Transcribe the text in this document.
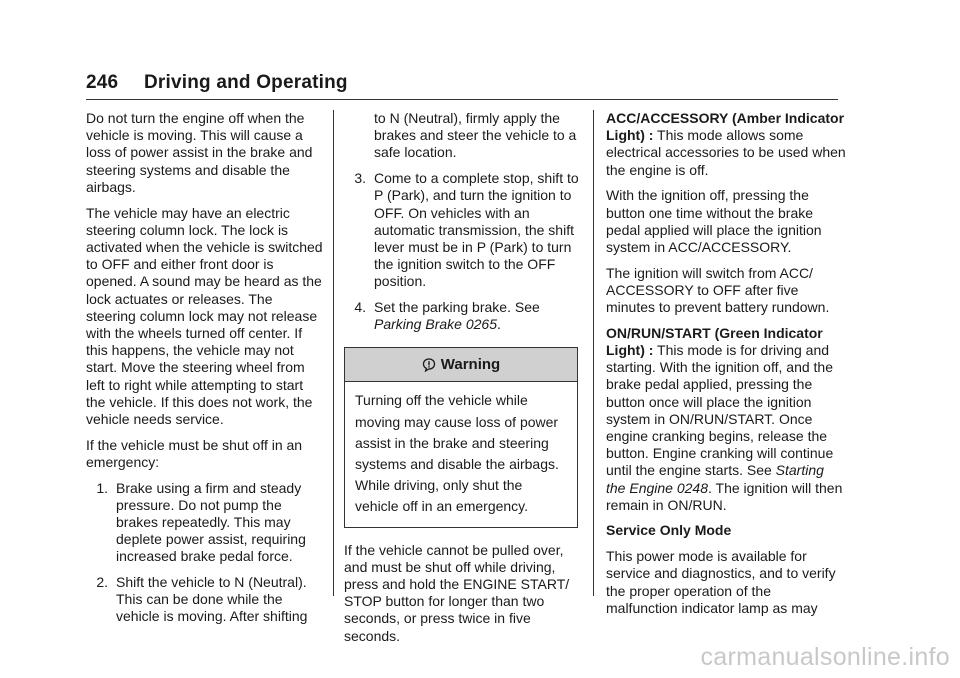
246 Driving and Operating

Do not turn the engine off when the vehicle is moving. This will cause a loss of power assist in the brake and steering systems and disable the airbags.

The vehicle may have an electric steering column lock. The lock is activated when the vehicle is switched to OFF and either front door is opened. A sound may be heard as the lock actuates or releases. The steering column lock may not release with the wheels turned off center. If this happens, the vehicle may not start. Move the steering wheel from left to right while attempting to start the vehicle. If this does not work, the vehicle needs service.

If the vehicle must be shut off in an emergency:

1. Brake using a firm and steady pressure. Do not pump the brakes repeatedly. This may deplete power assist, requiring increased brake pedal force.
2. Shift the vehicle to N (Neutral). This can be done while the vehicle is moving. After shifting
to N (Neutral), firmly apply the brakes and steer the vehicle to a safe location.
3. Come to a complete stop, shift to P (Park), and turn the ignition to OFF. On vehicles with an automatic transmission, the shift lever must be in P (Park) to turn the ignition switch to the OFF position.
4. Set the parking brake. See
Parking Brake 0265.
Warning
Turning off the vehicle while moving may cause loss of power assist in the brake and steering systems and disable the airbags. While driving, only shut the vehicle off in an emergency.

If the vehicle cannot be pulled over, and must be shut off while driving, press and hold the ENGINE START/ STOP button for longer than two seconds, or press twice in five seconds.

ACC/ACCESSORY (Amber Indicator Light) : This mode allows some electrical accessories to be used when the engine is off.

With the ignition off, pressing the button one time without the brake pedal applied will place the ignition system in ACC/ACCESSORY.

The ignition will switch from ACC/ ACCESSORY to OFF after five minutes to prevent battery rundown.

ON/RUN/START (Green Indicator Light) : This mode is for driving and starting. With the ignition off, and the brake pedal applied, pressing the button once will place the ignition system in ON/RUN/START. Once engine cranking begins, release the button. Engine cranking will continue until the engine starts. See Starting the Engine 0248. The ignition will then remain in ON/RUN.

Service Only Mode

This power mode is available for service and diagnostics, and to verify the proper operation of the malfunction indicator lamp as may

carmanualsonline.info
